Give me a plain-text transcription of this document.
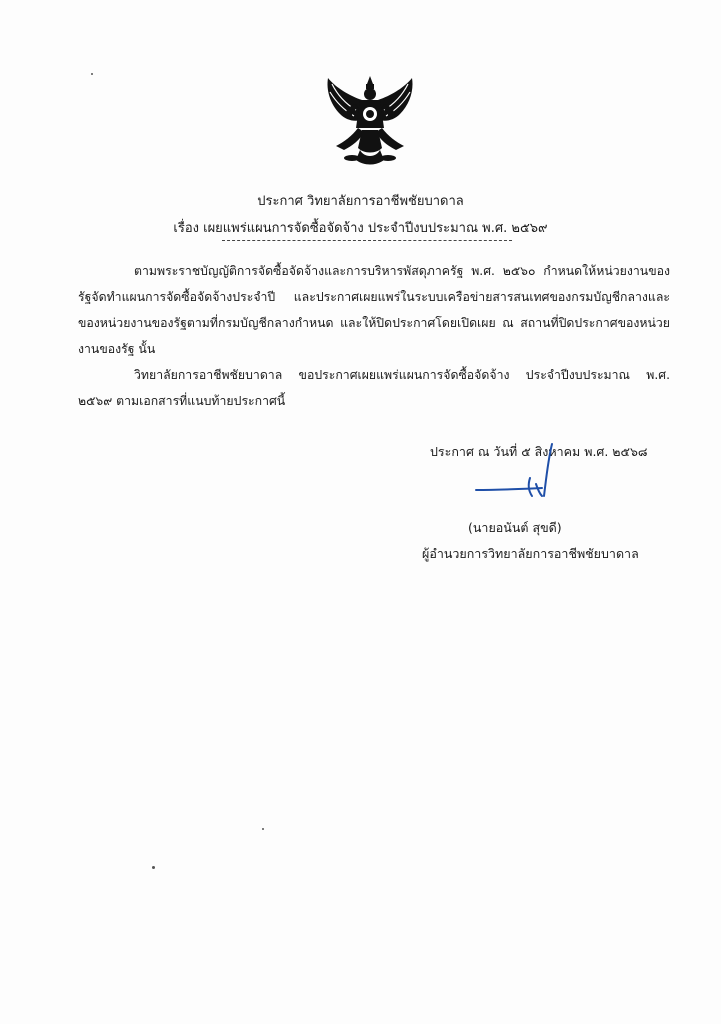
ประกาศ วิทยาลัยการอาชีพชัยบาดาล
เรื่อง เผยแพร่แผนการจัดซื้อจัดจ้าง ประจำปีงบประมาณ พ.ศ. ๒๕๖๙
ตามพระราชบัญญัติการจัดซื้อจัดจ้างและการบริหารพัสดุภาครัฐ พ.ศ. ๒๕๖๐ กำหนดให้หน่วยงานของรัฐจัดทำแผนการจัดซื้อจัดจ้างประจำปี และประกาศเผยแพร่ในระบบเครือข่ายสารสนเทศของกรมบัญชีกลางและของหน่วยงานของรัฐตามที่กรมบัญชีกลางกำหนด และให้ปิดประกาศโดยเปิดเผย ณ สถานที่ปิดประกาศของหน่วยงานของรัฐ นั้น
วิทยาลัยการอาชีพชัยบาดาล ขอประกาศเผยแพร่แผนการจัดซื้อจัดจ้าง ประจำปีงบประมาณ พ.ศ. ๒๕๖๙ ตามเอกสารที่แนบท้ายประกาศนี้
ประกาศ ณ วันที่ ๕ สิงหาคม พ.ศ. ๒๕๖๘
(นายอนันต์ สุขดี)
ผู้อำนวยการวิทยาลัยการอาชีพชัยบาดาล
